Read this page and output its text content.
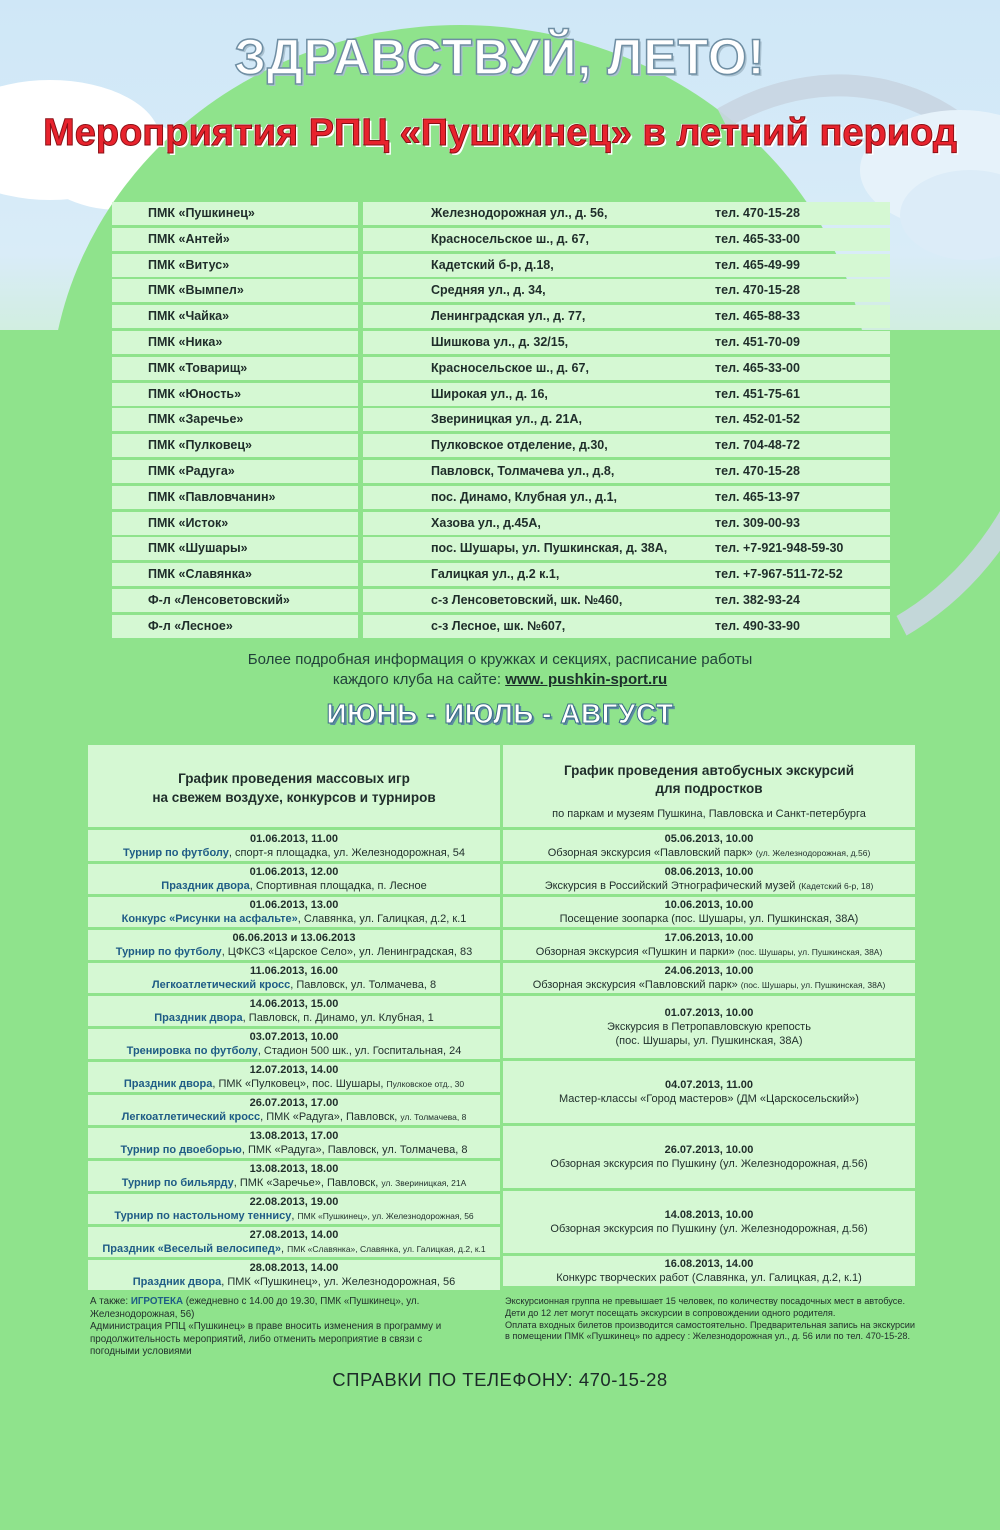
ЗДРАВСТВУЙ, ЛЕТО!
Мероприятия РПЦ «Пушкинец» в летний период
ПМК «Пушкинец»	Железнодорожная ул., д. 56,	тел. 470-15-28
ПМК «Антей»	Красносельское ш., д. 67,	тел. 465-33-00
ПМК «Витус»	Кадетский б-р, д.18,	тел. 465-49-99
ПМК «Вымпел»	Средняя ул., д. 34,	тел. 470-15-28
ПМК «Чайка»	Ленинградская ул., д. 77,	тел. 465-88-33
ПМК «Ника»	Шишкова ул., д. 32/15,	тел. 451-70-09
ПМК «Товарищ»	Красносельское ш., д. 67,	тел. 465-33-00
ПМК «Юность»	Широкая ул., д. 16,	тел. 451-75-61
ПМК «Заречье»	Звериницкая ул., д. 21А,	тел. 452-01-52
ПМК «Пулковец»	Пулковское отделение, д.30,	тел. 704-48-72
ПМК «Радуга»	Павловск, Толмачева ул., д.8,	тел. 470-15-28
ПМК «Павловчанин»	пос. Динамо, Клубная ул., д.1,	тел. 465-13-97
ПМК «Исток»	Хазова ул., д.45А,	тел. 309-00-93
ПМК «Шушары»	пос. Шушары, ул. Пушкинская, д. 38А,	тел. +7-921-948-59-30
ПМК «Славянка»	Галицкая ул., д.2 к.1,	тел. +7-967-511-72-52
Ф-л «Ленсоветовский»	с-з Ленсоветовский, шк. №460,	тел. 382-93-24
Ф-л «Лесное»	с-з Лесное, шк. №607,	тел. 490-33-90
Более подробная информация о кружках и секциях, расписание работы
каждого клуба на сайте: www. pushkin-sport.ru
ИЮНЬ - ИЮЛЬ - АВГУСТ
График проведения массовых игр
на свежем воздухе, конкурсов и турниров
01.06.2013, 11.00
Турнир по футболу, спорт-я площадка, ул. Железнодорожная, 54
01.06.2013, 12.00
Праздник двора, Спортивная площадка, п. Лесное
01.06.2013, 13.00
Конкурс «Рисунки на асфальте», Славянка, ул. Галицкая, д.2, к.1
06.06.2013 и 13.06.2013
Турнир по футболу, ЦФКСЗ «Царское Село», ул. Ленинградская, 83
11.06.2013, 16.00
Легкоатлетический кросс, Павловск, ул. Толмачева, 8
14.06.2013, 15.00
Праздник двора, Павловск, п. Динамо, ул. Клубная, 1
03.07.2013, 10.00
Тренировка по футболу, Стадион 500 шк., ул. Госпитальная, 24
12.07.2013, 14.00
Праздник двора, ПМК «Пулковец», пос. Шушары, Пулковское отд., 30
26.07.2013, 17.00
Легкоатлетический кросс, ПМК «Радуга», Павловск, ул. Толмачева, 8
13.08.2013, 17.00
Турнир по двоеборью, ПМК «Радуга», Павловск, ул. Толмачева, 8
13.08.2013, 18.00
Турнир по бильярду, ПМК «Заречье», Павловск, ул. Звериницкая, 21А
22.08.2013, 19.00
Турнир по настольному теннису, ПМК «Пушкинец», ул. Железнодорожная, 56
27.08.2013, 14.00
Праздник «Веселый велосипед», ПМК «Славянка», Славянка, ул. Галицкая, д.2, к.1
28.08.2013, 14.00
Праздник двора, ПМК «Пушкинец», ул. Железнодорожная, 56
График проведения автобусных экскурсий
для подростков
по паркам и музеям Пушкина, Павловска и Санкт-петербурга
05.06.2013, 10.00
Обзорная экскурсия «Павловский парк» (ул. Железнодорожная, д.56)
08.06.2013, 10.00
Экскурсия в Российский Этнографический музей (Кадетский 6-р, 18)
10.06.2013, 10.00
Посещение зоопарка (пос. Шушары, ул. Пушкинская, 38А)
17.06.2013, 10.00
Обзорная экскурсия «Пушкин и парки» (пос. Шушары, ул. Пушкинская, 38А)
24.06.2013, 10.00
Обзорная экскурсия «Павловский парк» (пос. Шушары, ул. Пушкинская, 38А)
01.07.2013, 10.00
Экскурсия в Петропавловскую крепость
(пос. Шушары, ул. Пушкинская, 38А)
04.07.2013, 11.00
Мастер-классы «Город мастеров» (ДМ «Царскосельский»)
26.07.2013, 10.00
Обзорная экскурсия по Пушкину (ул. Железнодорожная, д.56)
14.08.2013, 10.00
Обзорная экскурсия по Пушкину (ул. Железнодорожная, д.56)
16.08.2013, 14.00
Конкурс творческих работ (Славянка, ул. Галицкая, д.2, к.1)
А также: ИГРОТЕКА (ежедневно с 14.00 до 19.30, ПМК «Пушкинец», ул. Железнодорожная, 56)
Администрация РПЦ «Пушкинец» в праве вносить изменения в программу и продолжительность мероприятий, либо отменить мероприятие в связи с погодными условиями
Экскурсионная группа не превышает 15 человек, по количеству посадочных мест в автобусе.
Дети до 12 лет могут посещать экскурсии в сопровождении одного родителя.
Оплата входных билетов производится самостоятельно. Предварительная запись на экскурсии
в помещении ПМК «Пушкинец» по адресу : Железнодорожная ул., д. 56 или по тел. 470-15-28.
СПРАВКИ ПО ТЕЛЕФОНУ: 470-15-28
